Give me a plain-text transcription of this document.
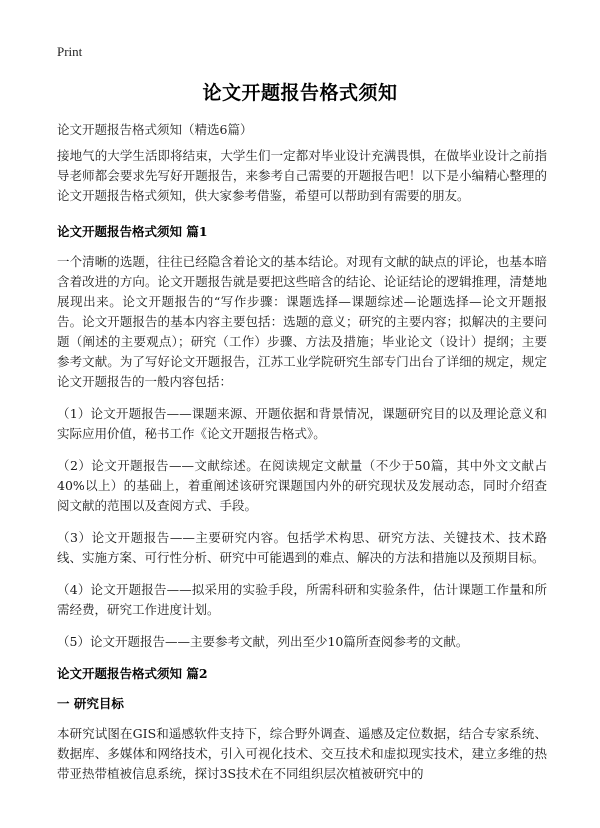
Print
论文开题报告格式须知
论文开题报告格式须知（精选6篇）

接地气的大学生活即将结束，大学生们一定都对毕业设计充满畏惧，在做毕业设计之前指导老师都会要求先写好开题报告，来参考自己需要的开题报告吧！以下是小编精心整理的论文开题报告格式须知，供大家参考借鉴，希望可以帮助到有需要的朋友。

论文开题报告格式须知 篇1

一个清晰的选题，往往已经隐含着论文的基本结论。对现有文献的缺点的评论，也基本暗含着改进的方向。论文开题报告就是要把这些暗含的结论、论证结论的逻辑推理，清楚地展现出来。论文开题报告的“写作步骤：课题选择—课题综述—论题选择—论文开题报告。论文开题报告的基本内容主要包括：选题的意义；研究的主要内容；拟解决的主要问题（阐述的主要观点）；研究（工作）步骤、方法及措施；毕业论文（设计）提纲；主要参考文献。为了写好论文开题报告，江苏工业学院研究生部专门出台了详细的规定，规定论文开题报告的一般内容包括：

（1）论文开题报告——课题来源、开题依据和背景情况，课题研究目的以及理论意义和实际应用价值，秘书工作《论文开题报告格式》。

（2）论文开题报告——文献综述。在阅读规定文献量（不少于50篇，其中外文文献占40%以上）的基础上，着重阐述该研究课题国内外的研究现状及发展动态，同时介绍查阅文献的范围以及查阅方式、手段。

（3）论文开题报告——主要研究内容。包括学术构思、研究方法、关键技术、技术路线、实施方案、可行性分析、研究中可能遇到的难点、解决的方法和措施以及预期目标。

（4）论文开题报告——拟采用的实验手段，所需科研和实验条件，估计课题工作量和所需经费，研究工作进度计划。

（5）论文开题报告——主要参考文献，列出至少10篇所查阅参考的文献。

论文开题报告格式须知 篇2
一 研究目标

本研究试图在GIS和遥感软件支持下，综合野外调查、遥感及定位数据，结合专家系统、数据库、多媒体和网络技术，引入可视化技术、交互技术和虚拟现实技术，建立多维的热带亚热带植被信息系统，探讨3S技术在不同组织层次植被研究中的
